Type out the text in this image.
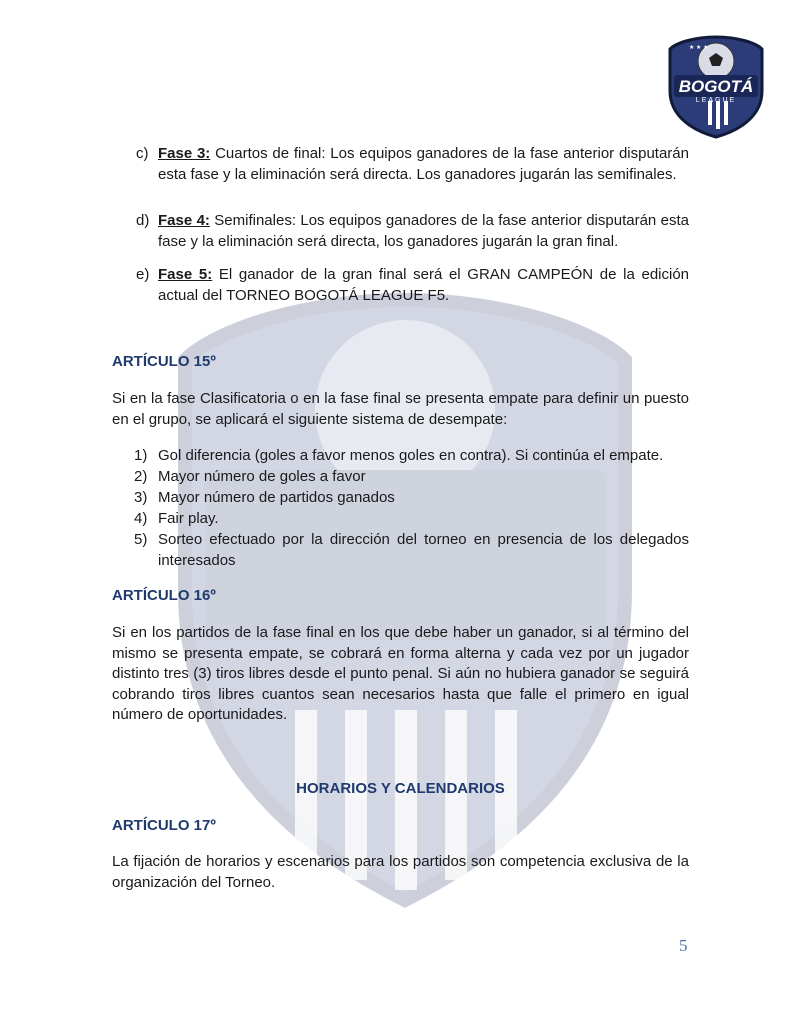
★ ★ ★
BOGOTÁ
LEAGUE
c) Fase 3: Cuartos de final: Los equipos ganadores de la fase anterior disputarán esta fase y la eliminación será directa. Los ganadores jugarán las semifinales.
d) Fase 4: Semifinales: Los equipos ganadores de la fase anterior disputarán esta fase y la eliminación será directa, los ganadores jugarán la gran final.
e) Fase 5: El ganador de la gran final será el GRAN CAMPEÓN de la edición actual del TORNEO BOGOTÁ LEAGUE F5.
ARTÍCULO 15º
Si en la fase Clasificatoria o en la fase final se presenta empate para definir un puesto en el grupo, se aplicará el siguiente sistema de desempate:
1) Gol diferencia (goles a favor menos goles en contra). Si continúa el empate.
2) Mayor número de goles a favor
3) Mayor número de partidos ganados
4) Fair play.
5) Sorteo efectuado por la dirección del torneo en presencia de los delegados interesados
ARTÍCULO 16º
Si en los partidos de la fase final en los que debe haber un ganador, si al término del mismo se presenta empate, se cobrará en forma alterna y cada vez por un jugador distinto tres (3) tiros libres desde el punto penal. Si aún no hubiera ganador se seguirá cobrando tiros libres cuantos sean necesarios hasta que falle el primero en igual número de oportunidades.
HORARIOS Y CALENDARIOS
ARTÍCULO 17º
La fijación de horarios y escenarios para los partidos son competencia exclusiva de la organización del Torneo.
5
